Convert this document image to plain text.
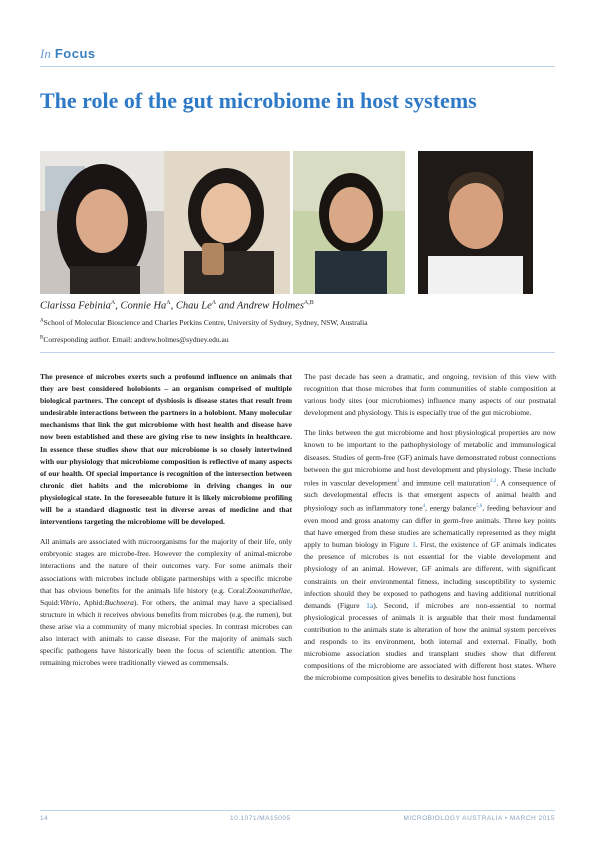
In Focus
The role of the gut microbiome in host systems
Clarissa Febinia$^A$, Connie $Ha^A$, Chau $Le^A$ and Andrew Holmes$^{A,B}$
$^A$School of Molecular Bioscience and Charles Perkins Centre, University of Sydney, Sydney, NSW, Australia
$^B$Corresponding author. Email: andrew.holmes@sydney.edu.au

The presence of microbes exerts such a profound influence on animals that they are best considered holobionts – an organism comprised of multiple biological partners. The concept of dysbiosis is disease states that result from undesirable interactions between the partners in a holobiont. Many molecular mechanisms that link the gut microbiome with host health and disease have now been established and these are giving rise to new insights in healthcare. In essence these studies show that our microbiome is so closely intertwined with our physiology that microbiome composition is reflective of many aspects of our health. Of special importance is recognition of the intersection between chronic diet habits and the microbiome in driving changes in our physiological state. In the foreseeable future it is likely microbiome profiling will be a standard diagnostic test in diverse areas of medicine and that interventions targeting the microbiome will be developed.

All animals are associated with microorganisms for the majority of their life, only embryonic stages are microbe-free. However the complexity of animal-microbe interactions and the nature of their outcomes vary. For some animals their associations with microbes include obligate partnerships with a specific microbe that has obvious benefits for the animals life history (e.g. Coral:Zooxanthellae, Squid:Vibrio, Aphid:Buchnera). For others, the animal may have a specialised structure in which it receives obvious benefits from microbes (e.g. the rumen), but these arise via a community of many microbial species. In contrast microbes can also interact with animals to cause disease. For the majority of animals such specific pathogens have historically been the focus of scientific attention. The remaining microbes were traditionally viewed as commensals.

The past decade has seen a dramatic, and ongoing, revision of this view with recognition that those microbes that form communities of stable composition at various body sites (our microbiomes) influence many aspects of our postnatal development and physiology. This is especially true of the gut microbiome.

The links between the gut microbiome and host physiological properties are now known to be important to the pathophysiology of metabolic and immunological diseases. Studies of germ-free (GF) animals have demonstrated robust connections between the gut microbiome and host development and physiology. These include roles in vascular development$^1$ and immune cell maturation$^{2,3}$. A consequence of such developmental effects is that emergent aspects of animal health and physiology such as inflammatory tone$^4$, energy balance$^{5,6}$, feeding behaviour and even mood and gross anatomy can differ in germ-free animals. Three key points that have emerged from these studies are schematically represented as they might apply to human biology in Figure 1. First, the existence of GF animals indicates the presence of microbes is not essential for the viable development and physiology of an animal. However, GF animals are different, with significant constraints on their environmental fitness, including susceptibility to systemic infection should they be exposed to pathogens and having additional nutritional demands (Figure 1a). Second, if microbes are non-essential to normal physiological processes of animals it is arguable that their most fundamental contribution to the animals state is alteration of how the animal system perceives and responds to its environment, both internal and external. Finally, both microbiome association studies and transplant studies show that different compositions of the microbiome are associated with different host states. Where the microbiome composition gives benefits to desirable host functions

14	10.1071/MA15005	MICROBIOLOGY AUSTRALIA • MARCH 2015
